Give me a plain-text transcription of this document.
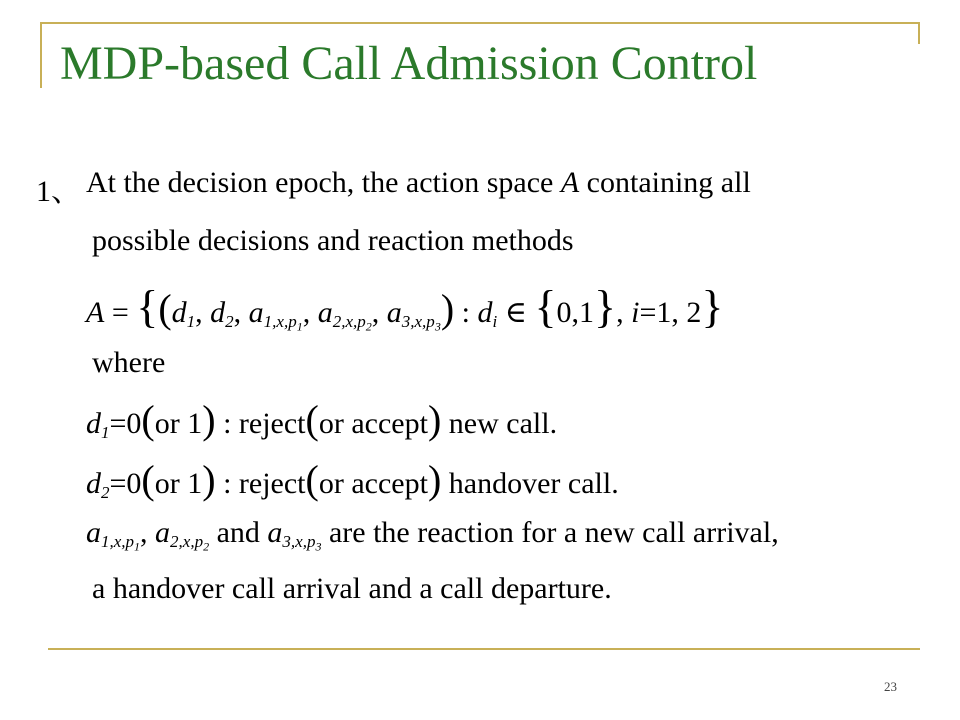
MDP-based Call Admission Control
1、 At the decision epoch, the action space A containing all
possible decisions and reaction methods
$A = \{(d_1$, $d_2$, $a_{1,x,p_1}$, $a_{2,x,p_2}$, $a_{3,x,p_3}$) : $d_i$ ∈ {0,1}, i=1, 2}
where
$d_1=0(or$ 1) : reject(or accept) new call.
$d_2=0(or$ 1) : reject(or accept) handover call.
$a_{1,x,p_1}$, $a_{2,x,p_2}$ and $a_{3,x,p_3}$ are the reaction for a new call arrival,
a handover call arrival and a call departure.
23
